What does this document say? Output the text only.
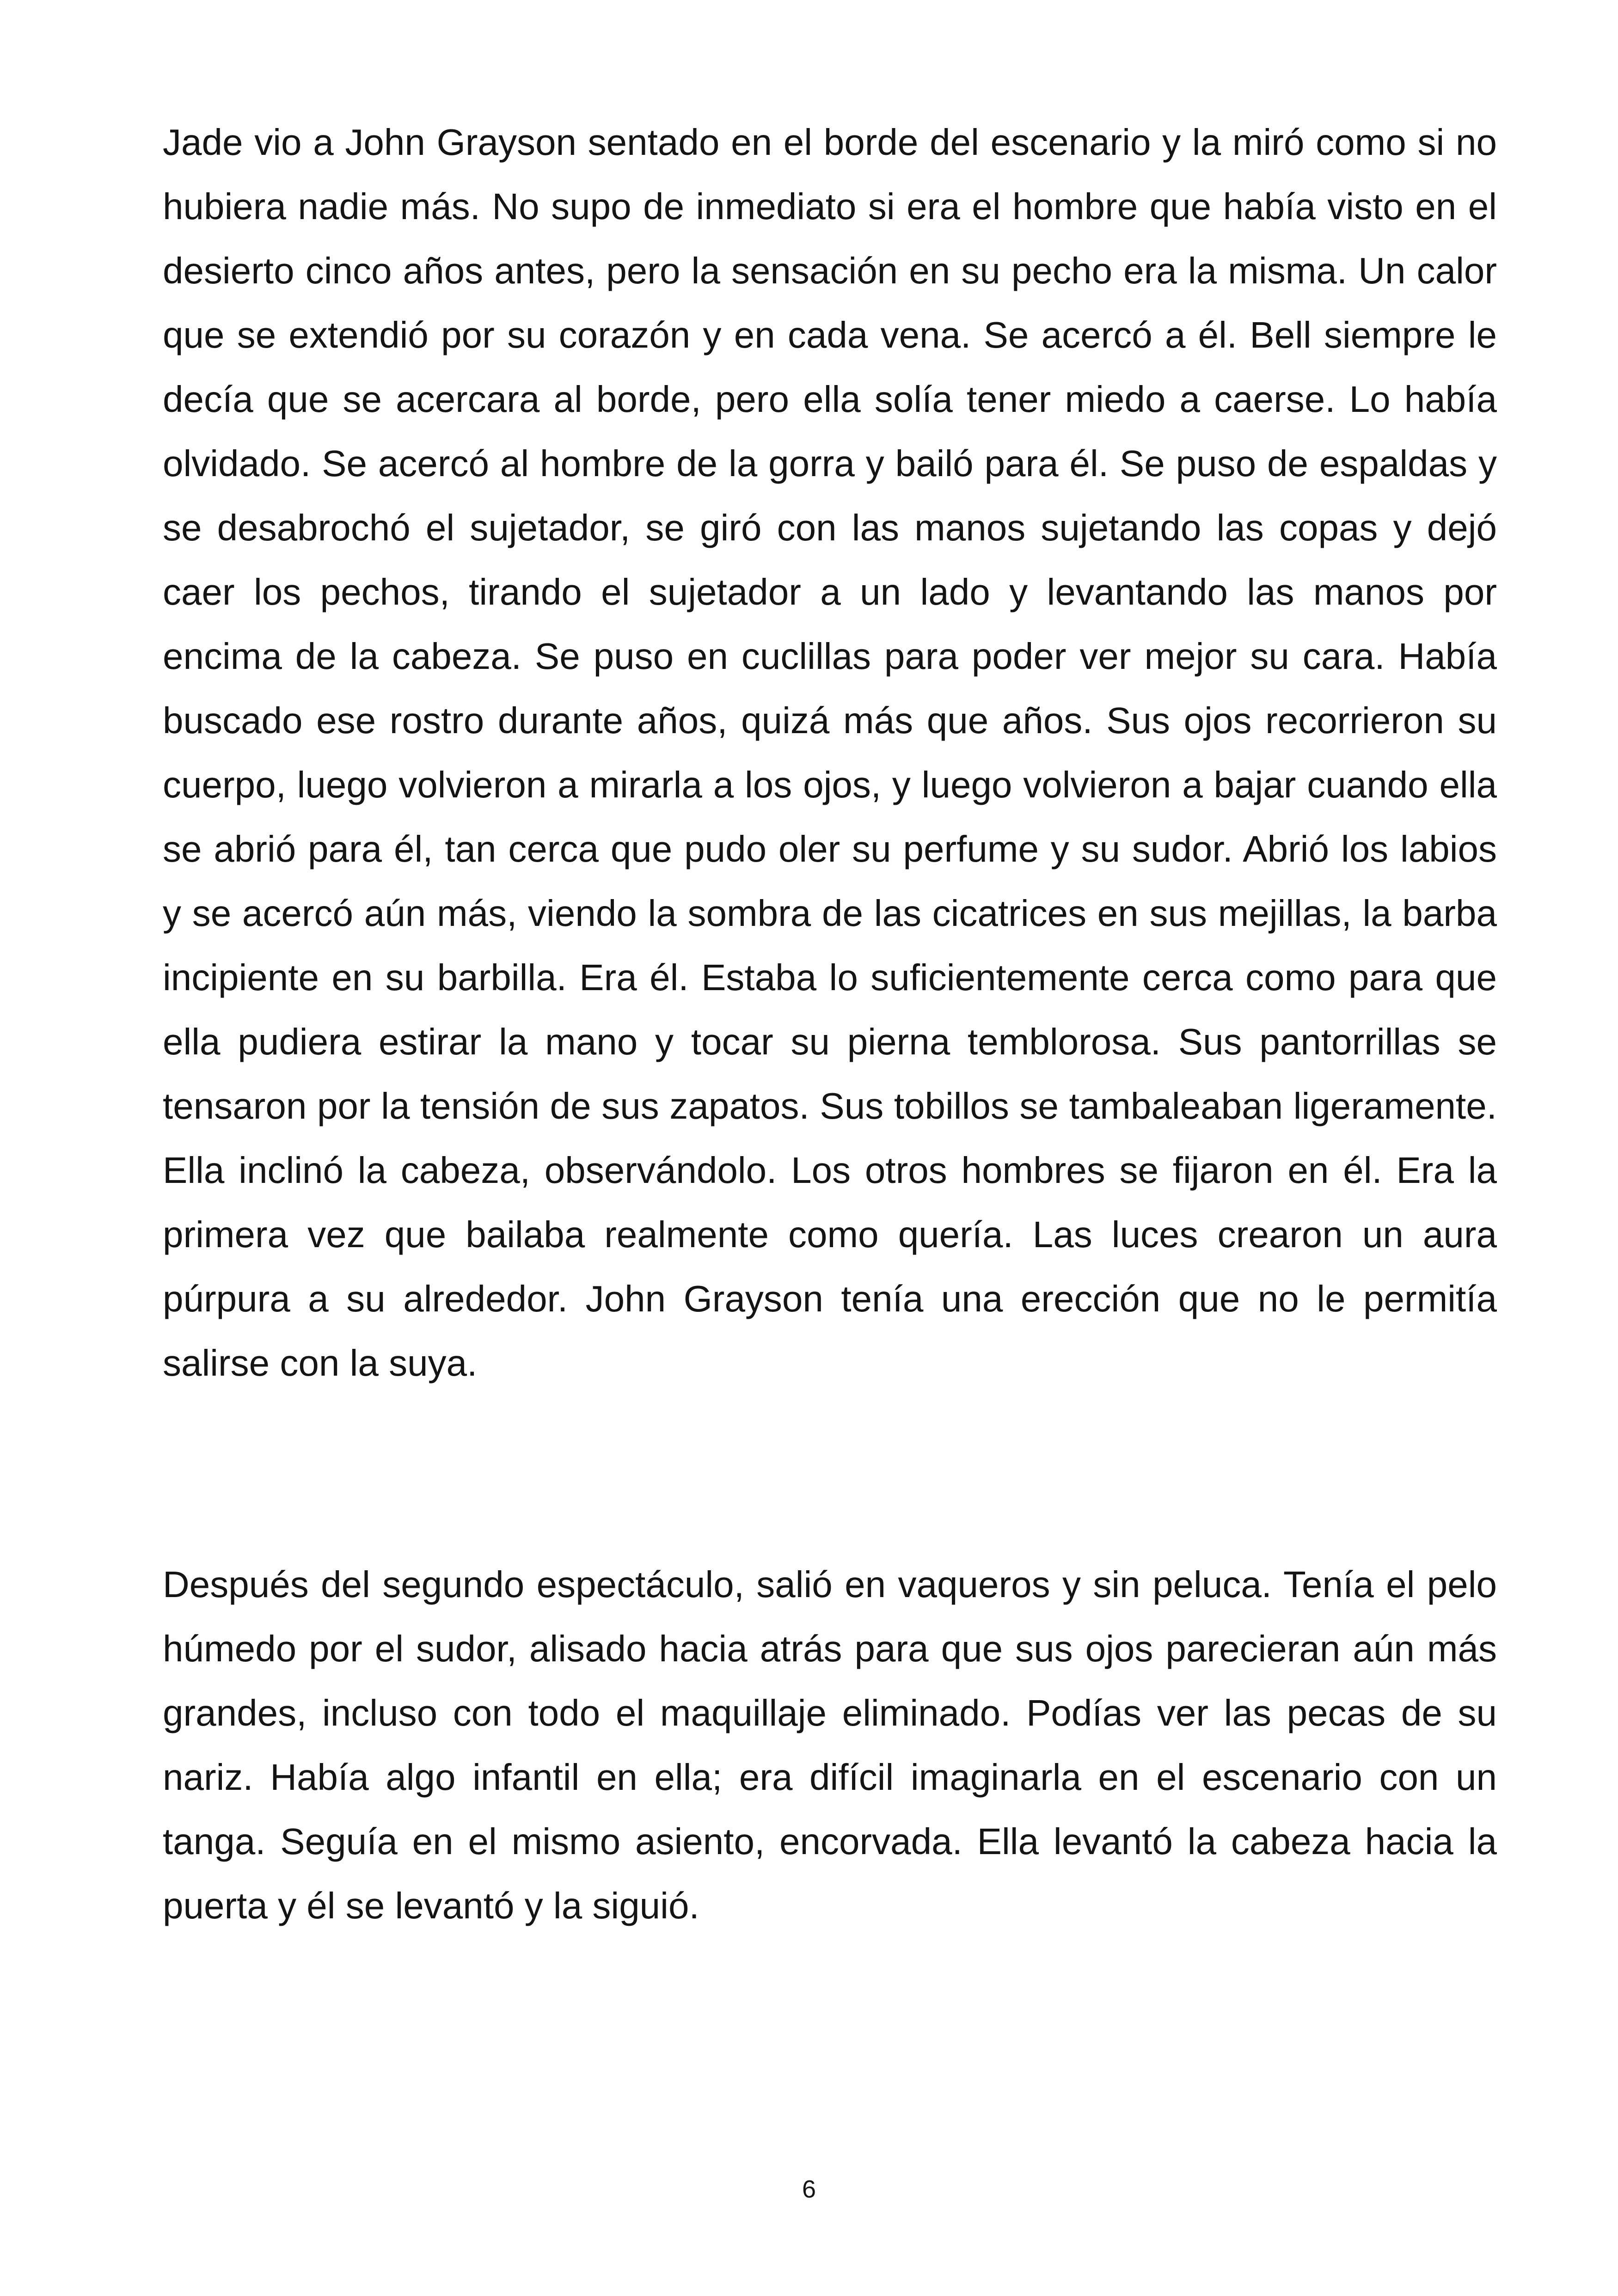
Jade vio a John Grayson sentado en el borde del escenario y la miró como si no hubiera nadie más. No supo de inmediato si era el hombre que había visto en el desierto cinco años antes, pero la sensación en su pecho era la misma. Un calor que se extendió por su corazón y en cada vena. Se acercó a él. Bell siempre le decía que se acercara al borde, pero ella solía tener miedo a caerse. Lo había olvidado. Se acercó al hombre de la gorra y bailó para él. Se puso de espaldas y se desabrochó el sujetador, se giró con las manos sujetando las copas y dejó caer los pechos, tirando el sujetador a un lado y levantando las manos por encima de la cabeza. Se puso en cuclillas para poder ver mejor su cara. Había buscado ese rostro durante años, quizá más que años. Sus ojos recorrieron su cuerpo, luego volvieron a mirarla a los ojos, y luego volvieron a bajar cuando ella se abrió para él, tan cerca que pudo oler su perfume y su sudor. Abrió los labios y se acercó aún más, viendo la sombra de las cicatrices en sus mejillas, la barba incipiente en su barbilla. Era él. Estaba lo suficientemente cerca como para que ella pudiera estirar la mano y tocar su pierna temblorosa. Sus pantorrillas se tensaron por la tensión de sus zapatos. Sus tobillos se tambaleaban ligeramente. Ella inclinó la cabeza, observándolo. Los otros hombres se fijaron en él. Era la primera vez que bailaba realmente como quería. Las luces crearon un aura púrpura a su alrededor. John Grayson tenía una erección que no le permitía salirse con la suya.

Después del segundo espectáculo, salió en vaqueros y sin peluca. Tenía el pelo húmedo por el sudor, alisado hacia atrás para que sus ojos parecieran aún más grandes, incluso con todo el maquillaje eliminado. Podías ver las pecas de su nariz. Había algo infantil en ella; era difícil imaginarla en el escenario con un tanga. Seguía en el mismo asiento, encorvada. Ella levantó la cabeza hacia la puerta y él se levantó y la siguió.

6
